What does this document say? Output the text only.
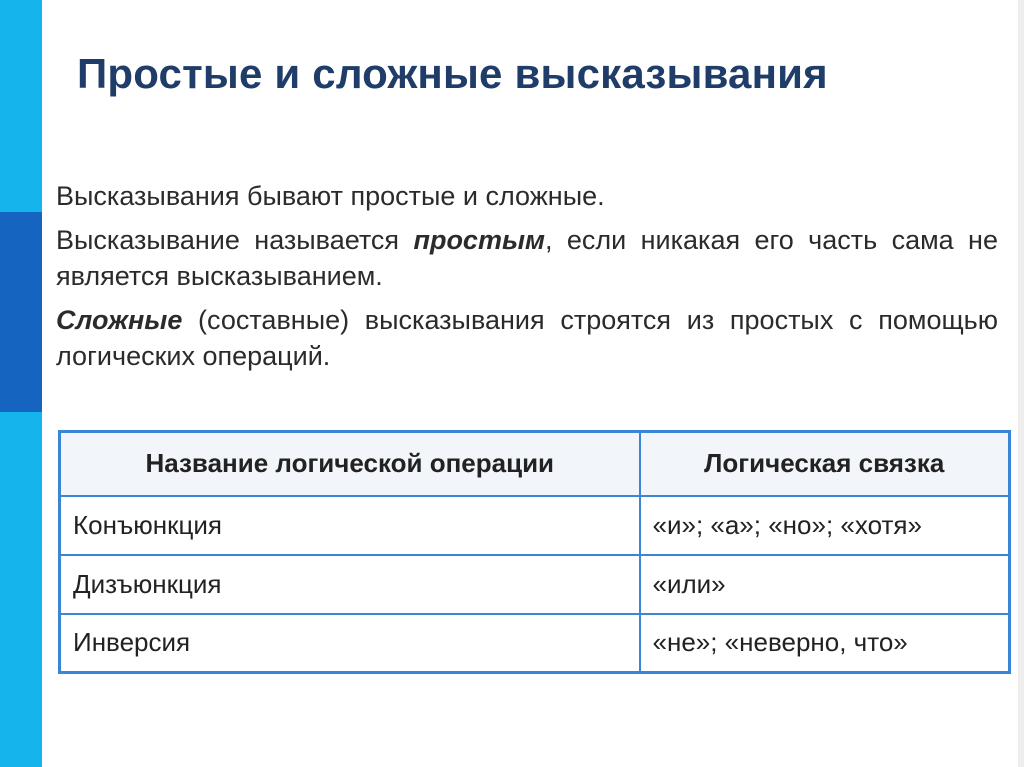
Простые и сложные высказывания

Высказывания бывают простые и сложные.

Высказывание называется простым, если никакая его часть сама не является высказыванием.

Сложные (составные) высказывания строятся из простых с помощью логических операций.

Название логической операции	Логическая связка
Конъюнкция	«и»; «а»; «но»; «хотя»
Дизъюнкция	«или»
Инверсия	«не»; «неверно, что»
